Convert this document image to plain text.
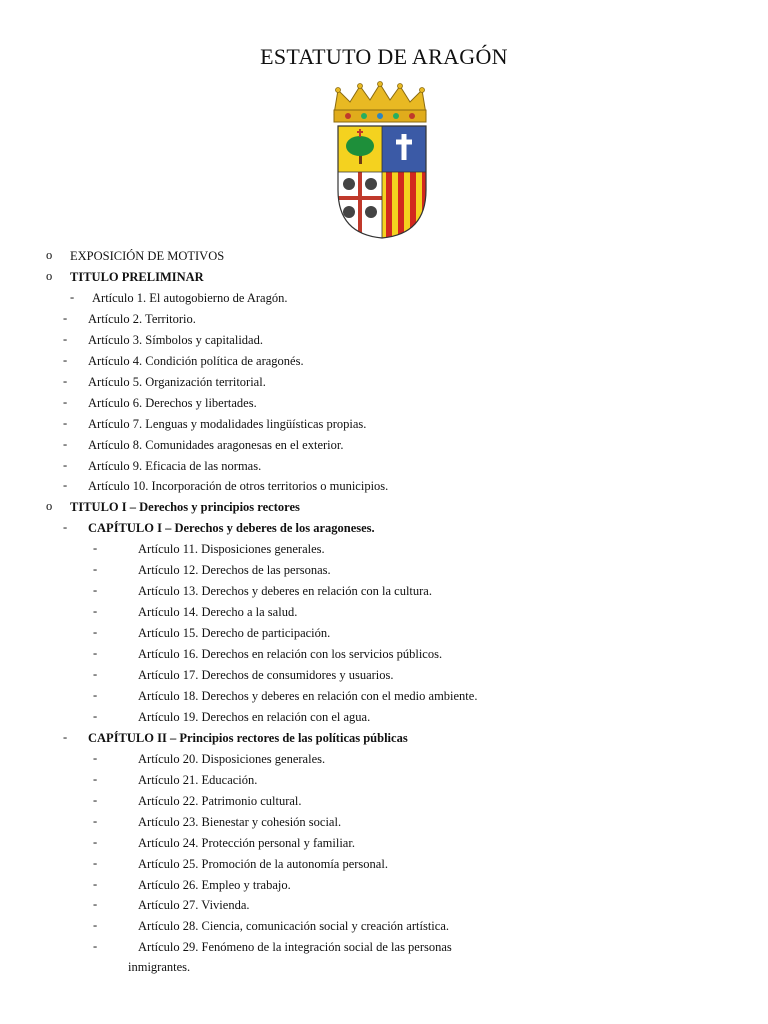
ESTATUTO DE ARAGÓN
o EXPOSICIÓN DE MOTIVOS
o TITULO PRELIMINAR
- Artículo 1. El autogobierno de Aragón.
- Artículo 2. Territorio.
- Artículo 3. Símbolos y capitalidad.
- Artículo 4. Condición política de aragonés.
- Artículo 5. Organización territorial.
- Artículo 6. Derechos y libertades.
- Artículo 7. Lenguas y modalidades lingüísticas propias.
- Artículo 8. Comunidades aragonesas en el exterior.
- Artículo 9. Eficacia de las normas.
- Artículo 10. Incorporación de otros territorios o municipios.
o TITULO I – Derechos y principios rectores
- CAPÍTULO I – Derechos y deberes de los aragoneses.
-	Artículo 11. Disposiciones generales.
-	Artículo 12. Derechos de las personas.
-	Artículo 13. Derechos y deberes en relación con la cultura.
-	Artículo 14. Derecho a la salud.
-	Artículo 15. Derecho de participación.
-	Artículo 16. Derechos en relación con los servicios públicos.
-	Artículo 17. Derechos de consumidores y usuarios.
-	Artículo 18. Derechos y deberes en relación con el medio ambiente.
-	Artículo 19. Derechos en relación con el agua.
- CAPÍTULO II – Principios rectores de las políticas públicas
-	Artículo 20. Disposiciones generales.
-	Artículo 21. Educación.
-	Artículo 22. Patrimonio cultural.
-	Artículo 23. Bienestar y cohesión social.
-	Artículo 24. Protección personal y familiar.
-	Artículo 25. Promoción de la autonomía personal.
-	Artículo 26. Empleo y trabajo.
-	Artículo 27. Vivienda.
-	Artículo 28. Ciencia, comunicación social y creación artística.
-	Artículo 29. Fenómeno de la integración social de las personas
inmigrantes.
